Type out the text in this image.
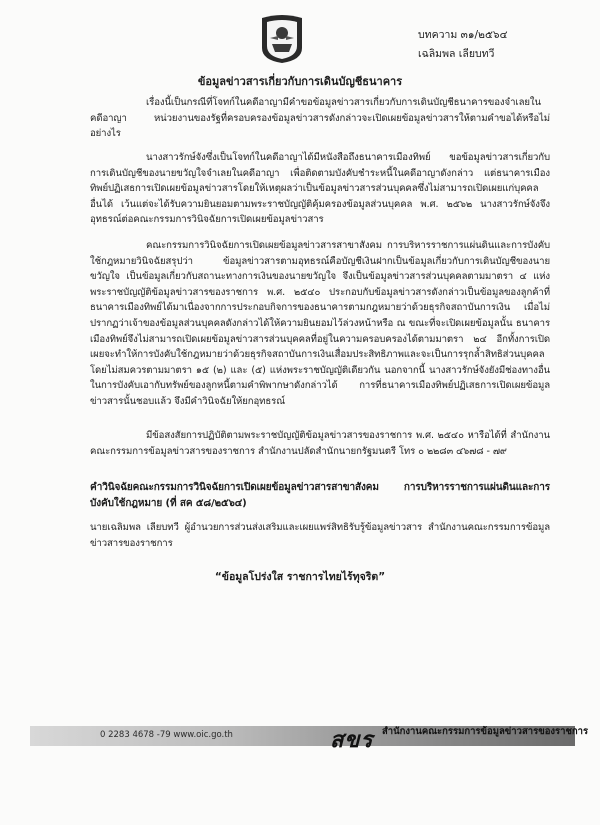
บทความ ๓๑/๒๕๖๔
เฉลิมพล เลียบทวี
ข้อมูลข่าวสารเกี่ยวกับการเดินบัญชีธนาคาร

เรื่องนี้เป็นกรณีที่โจทก์ในคดีอาญามีคำขอข้อมูลข่าวสารเกี่ยวกับการเดินบัญชีธนาคารของจำเลยในคดีอาญา หน่วยงานของรัฐที่ครอบครองข้อมูลข่าวสารดังกล่าวจะเปิดเผยข้อมูลข่าวสารให้ตามคำขอได้หรือไม่ อย่างไร

นางสาวรักษ์จังซึ่งเป็นโจทก์ในคดีอาญาได้มีหนังสือถึงธนาคารเมืองทิพย์ ขอข้อมูลข่าวสารเกี่ยวกับการเดินบัญชีของนายขวัญใจจำเลยในคดีอาญา เพื่อติดตามบังคับชำระหนี้ในคดีอาญาดังกล่าว แต่ธนาคารเมืองทิพย์ปฏิเสธการเปิดเผยข้อมูลข่าวสารโดยให้เหตุผลว่าเป็นข้อมูลข่าวสารส่วนบุคคลซึ่งไม่สามารถเปิดเผยแก่บุคคลอื่นได้ เว้นแต่จะได้รับความยินยอมตามพระราชบัญญัติคุ้มครองข้อมูลส่วนบุคคล พ.ศ. ๒๕๖๒ นางสาวรักษ์จังจึงอุทธรณ์ต่อคณะกรรมการวินิจฉัยการเปิดเผยข้อมูลข่าวสาร

คณะกรรมการวินิจฉัยการเปิดเผยข้อมูลข่าวสารสาขาสังคม การบริหารราชการแผ่นดินและการบังคับใช้กฎหมายวินิจฉัยสรุปว่า ข้อมูลข่าวสารตามอุทธรณ์คือบัญชีเงินฝากเป็นข้อมูลเกี่ยวกับการเดินบัญชีของนายขวัญใจ เป็นข้อมูลเกี่ยวกับสถานะทางการเงินของนายขวัญใจ จึงเป็นข้อมูลข่าวสารส่วนบุคคลตามมาตรา ๔ แห่งพระราชบัญญัติข้อมูลข่าวสารของราชการ พ.ศ. ๒๕๔๐ ประกอบกับข้อมูลข่าวสารดังกล่าวเป็นข้อมูลของลูกค้าที่ธนาคารเมืองทิพย์ได้มาเนื่องจากการประกอบกิจการของธนาคารตามกฎหมายว่าด้วยธุรกิจสถาบันการเงิน เมื่อไม่ปรากฏว่าเจ้าของข้อมูลส่วนบุคคลดังกล่าวได้ให้ความยินยอมไว้ล่วงหน้าหรือ ณ ขณะที่จะเปิดเผยข้อมูลนั้น ธนาคารเมืองทิพย์จึงไม่สามารถเปิดเผยข้อมูลข่าวสารส่วนบุคคลที่อยู่ในความครอบครองได้ตามมาตรา ๒๔ อีกทั้งการเปิดเผยจะทำให้การบังคับใช้กฎหมายว่าด้วยธุรกิจสถาบันการเงินเสื่อมประสิทธิภาพและจะเป็นการรุกล้ำสิทธิส่วนบุคคลโดยไม่สมควรตามมาตรา ๑๕ (๒) และ (๕) แห่งพระราชบัญญัติเดียวกัน นอกจากนี้ นางสาวรักษ์จังยังมีช่องทางอื่นในการบังคับเอากับทรัพย์ของลูกหนี้ตามคำพิพากษาดังกล่าวได้ การที่ธนาคารเมืองทิพย์ปฏิเสธการเปิดเผยข้อมูลข่าวสารนั้นชอบแล้ว จึงมีคำวินิจฉัยให้ยกอุทธรณ์

มีข้อสงสัยการปฏิบัติตามพระราชบัญญัติข้อมูลข่าวสารของราชการ พ.ศ. ๒๕๔๐ หารือได้ที่ สำนักงานคณะกรรมการข้อมูลข่าวสารของราชการ สำนักงานปลัดสำนักนายกรัฐมนตรี โทร ๐ ๒๒๘๓ ๔๖๗๘ - ๗๙

คำวินิจฉัยคณะกรรมการวินิจฉัยการเปิดเผยข้อมูลข่าวสารสาขาสังคม การบริหารราชการแผ่นดินและการบังคับใช้กฎหมาย (ที่ สค ๕๘/๒๕๖๔)

นายเฉลิมพล เลียบทวี ผู้อำนวยการส่วนส่งเสริมและเผยแพร่สิทธิรับรู้ข้อมูลข่าวสาร สำนักงานคณะกรรมการข้อมูลข่าวสารของราชการ

“ข้อมูลโปร่งใส ราชการไทยไร้ทุจริต”
0 2283 4678 -79 www.oic.go.th	สขร สำนักงานคณะกรรมการข้อมูลข่าวสารของราชการ
